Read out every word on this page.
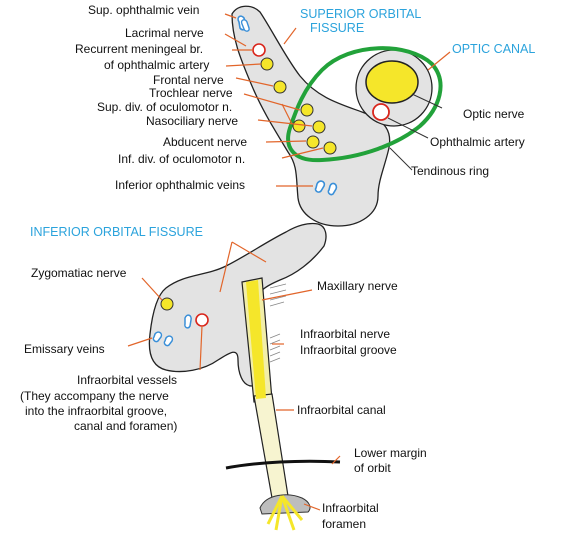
SUPERIOR ORBITAL
FISSURE
OPTIC CANAL
INFERIOR ORBITAL FISSURE
Sup. ophthalmic vein
Lacrimal nerve
Recurrent meningeal br.
of ophthalmic artery
Frontal nerve
Trochlear nerve
Sup. div. of oculomotor n.
Nasociliary nerve
Abducent nerve
Inf. div. of oculomotor n.
Inferior ophthalmic veins
Optic nerve
Ophthalmic artery
Tendinous ring
Zygomatiac nerve
Maxillary nerve
Infraorbital nerve
Infraorbital groove
Emissary veins
Infraorbital vessels
(They accompany the nerve
into the infraorbital groove,
canal and foramen)
Infraorbital canal
Lower margin
of orbit
Infraorbital
foramen
